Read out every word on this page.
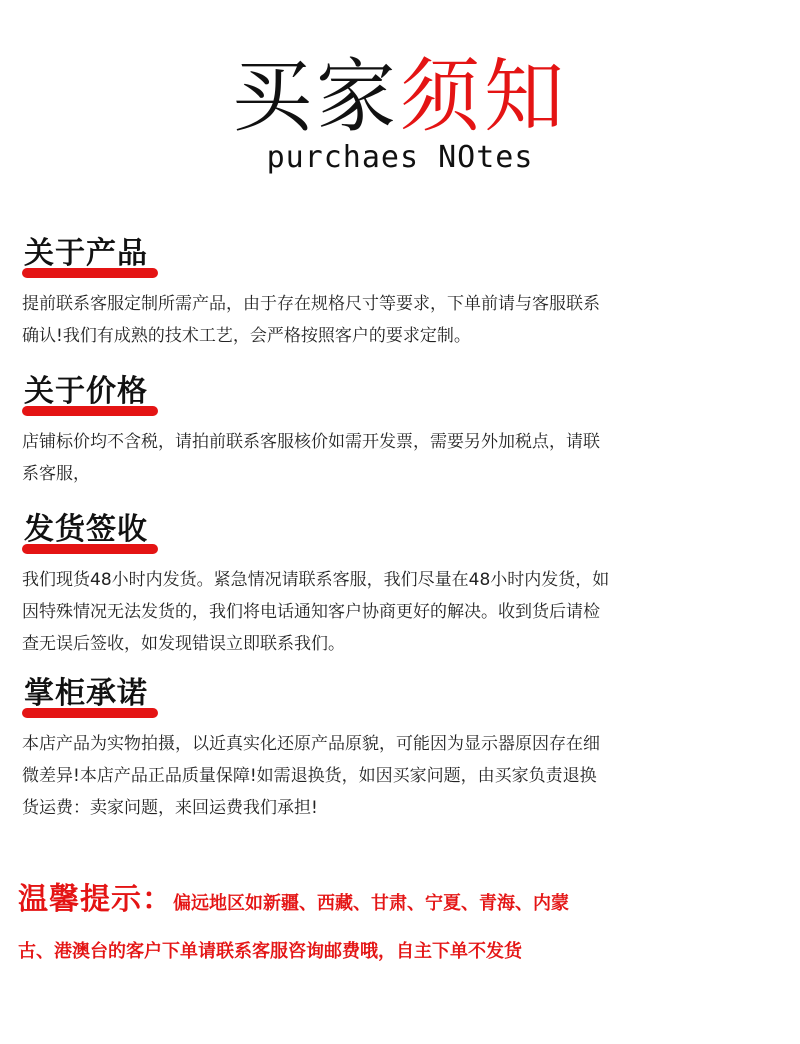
买家须知
purchaes NOtes
关于产品
提前联系客服定制所需产品，由于存在规格尺寸等要求，下单前请与客服联系
确认!我们有成熟的技术工艺，会严格按照客户的要求定制。
关于价格
店铺标价均不含税，请拍前联系客服核价如需开发票，需要另外加税点，请联
系客服，
发货签收
我们现货48小时内发货。紧急情况请联系客服，我们尽量在48小时内发货，如
因特殊情况无法发货的，我们将电话通知客户协商更好的解决。收到货后请检
查无误后签收，如发现错误立即联系我们。
掌柜承诺
本店产品为实物拍摄，以近真实化还原产品原貌，可能因为显示器原因存在细
微差异!本店产品正品质量保障!如需退换货，如因买家问题，由买家负责退换
货运费：卖家问题，来回运费我们承担!
温馨提示：偏远地区如新疆、西藏、甘肃、宁夏、青海、内蒙
古、港澳台的客户下单请联系客服咨询邮费哦，自主下单不发货
